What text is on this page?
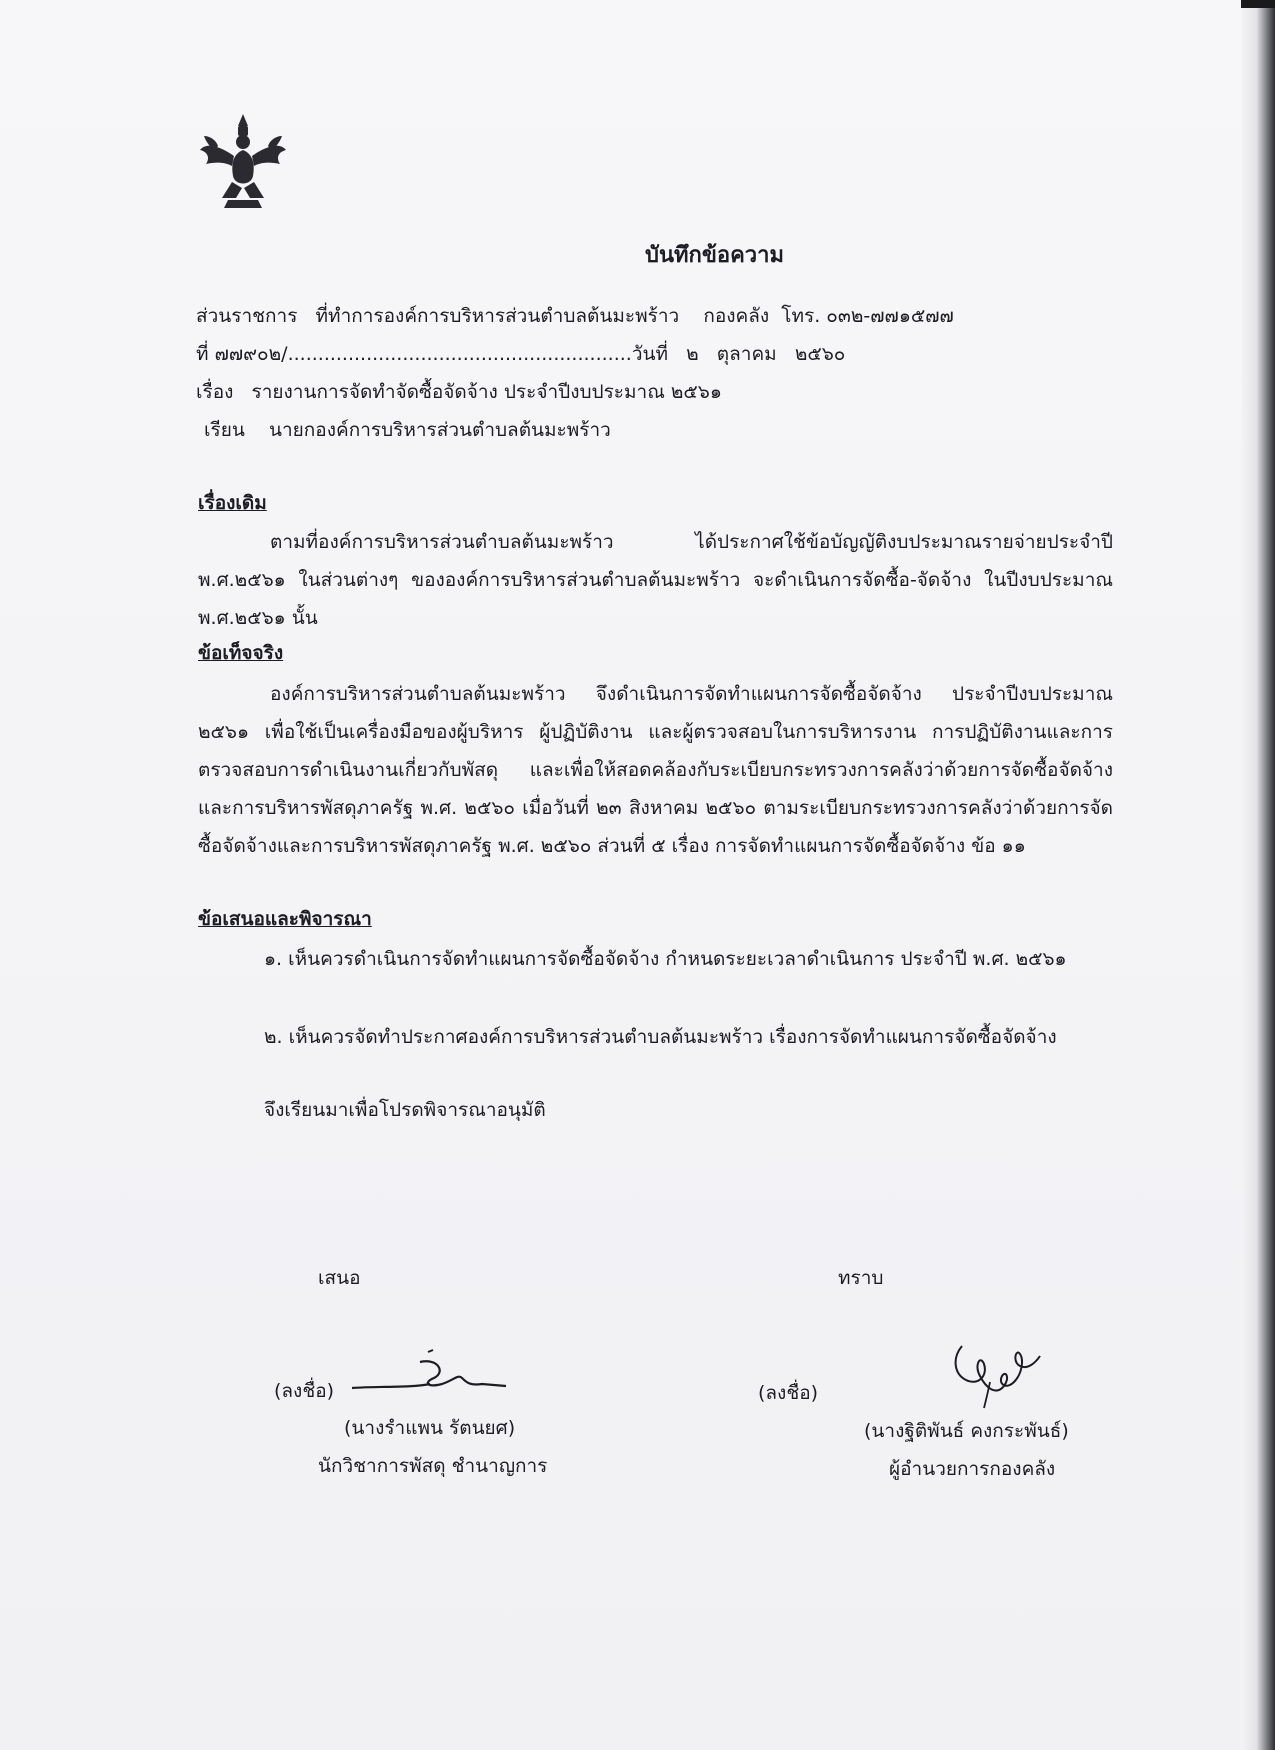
บันทึกข้อความ
ส่วนราชการ ที่ทำการองค์การบริหารส่วนตำบลต้นมะพร้าว กองคลัง โทร. ๐๓๒-๗๗๑๕๗๗
ที่ ๗๗๙๐๒/.........................................................วันที่ ๒ ตุลาคม ๒๕๖๐
เรื่อง รายงานการจัดทำจัดซื้อจัดจ้าง ประจำปีงบประมาณ ๒๕๖๑
เรียน นายกองค์การบริหารส่วนตำบลต้นมะพร้าว
เรื่องเดิม
ตามที่องค์การบริหารส่วนตำบลต้นมะพร้าว ได้ประกาศใช้ข้อบัญญัติงบประมาณรายจ่ายประจำปี พ.ศ.๒๕๖๑ ในส่วนต่างๆ ขององค์การบริหารส่วนตำบลต้นมะพร้าว จะดำเนินการจัดซื้อ-จัดจ้าง ในปีงบประมาณ พ.ศ.๒๕๖๑ นั้น
ข้อเท็จจริง
องค์การบริหารส่วนตำบลต้นมะพร้าว จึงดำเนินการจัดทำแผนการจัดซื้อจัดจ้าง ประจำปีงบประมาณ ๒๕๖๑ เพื่อใช้เป็นเครื่องมือของผู้บริหาร ผู้ปฏิบัติงาน และผู้ตรวจสอบในการบริหารงาน การปฏิบัติงานและการตรวจสอบการดำเนินงานเกี่ยวกับพัสดุ และเพื่อให้สอดคล้องกับระเบียบกระทรวงการคลังว่าด้วยการจัดซื้อจัดจ้างและการบริหารพัสดุภาครัฐ พ.ศ. ๒๕๖๐ เมื่อวันที่ ๒๓ สิงหาคม ๒๕๖๐ ตามระเบียบกระทรวงการคลังว่าด้วยการจัดซื้อจัดจ้างและการบริหารพัสดุภาครัฐ พ.ศ. ๒๕๖๐ ส่วนที่ ๕ เรื่อง การจัดทำแผนการจัดซื้อจัดจ้าง ข้อ ๑๑
ข้อเสนอและพิจารณา
๑. เห็นควรดำเนินการจัดทำแผนการจัดซื้อจัดจ้าง กำหนดระยะเวลาดำเนินการ ประจำปี พ.ศ. ๒๕๖๑
๒. เห็นควรจัดทำประกาศองค์การบริหารส่วนตำบลต้นมะพร้าว เรื่องการจัดทำแผนการจัดซื้อจัดจ้าง
จึงเรียนมาเพื่อโปรดพิจารณาอนุมัติ
เสนอ
(ลงชื่อ)
(นางรำแพน รัตนยศ)
นักวิชาการพัสดุ ชำนาญการ
ทราบ
(ลงชื่อ)
(นางฐิติพันธ์ คงกระพันธ์)
ผู้อำนวยการกองคลัง
